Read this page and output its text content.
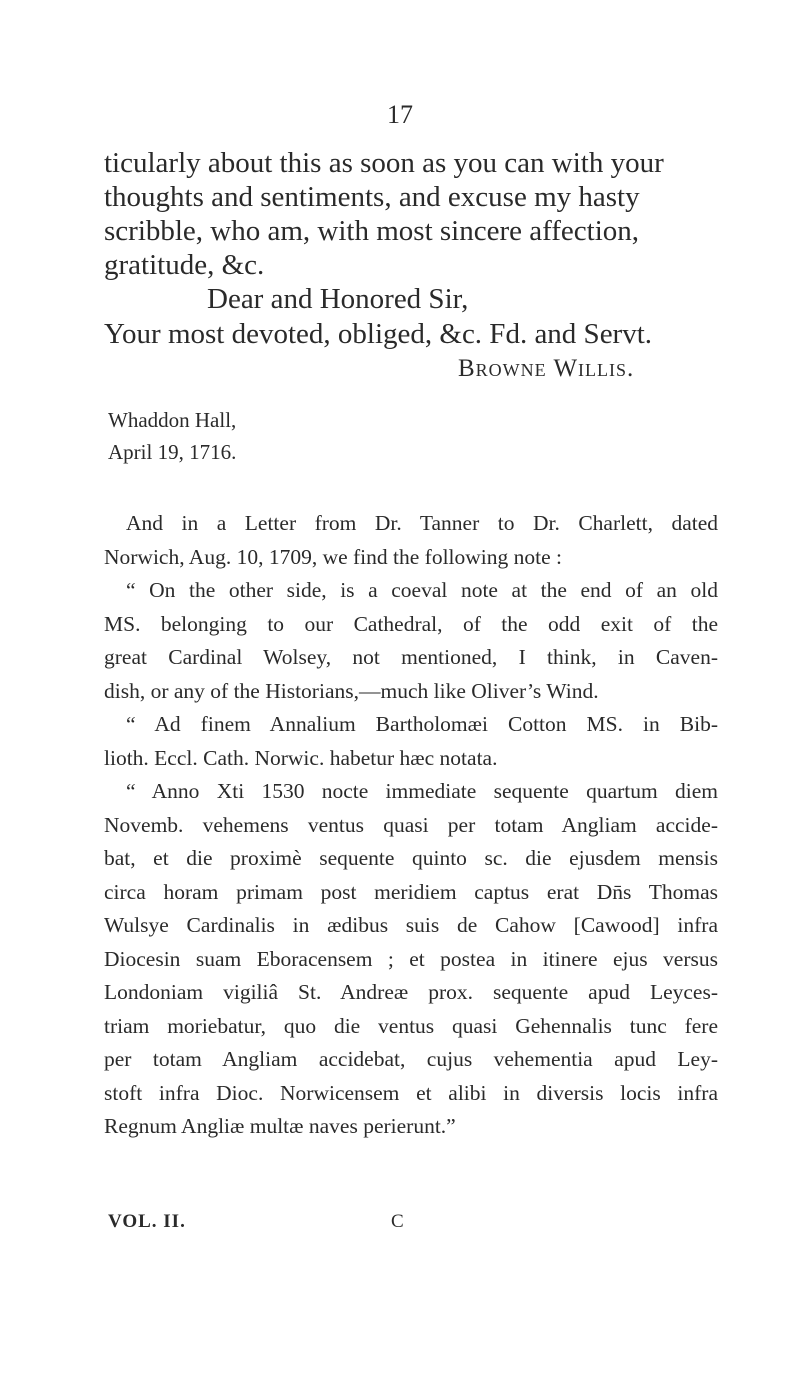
17
ticularly about this as soon as you can with your
thoughts and sentiments, and excuse my hasty
scribble, who am, with most sincere affection,
gratitude, &c.
Dear and Honored Sir,
Your most devoted, obliged, &c. Fd. and Servt.
Browne Willis.
Whaddon Hall,
April 19, 1716.
And in a Letter from Dr. Tanner to Dr. Charlett, dated
Norwich, Aug. 10, 1709, we find the following note :
“ On the other side, is a coeval note at the end of an old
MS. belonging to our Cathedral, of the odd exit of the
great Cardinal Wolsey, not mentioned, I think, in Caven-
dish, or any of the Historians,—much like Oliver’s Wind.
“ Ad finem Annalium Bartholomæi Cotton MS. in Bib-
lioth. Eccl. Cath. Norwic. habetur hæc notata.
“ Anno Xti 1530 nocte immediate sequente quartum diem
Novemb. vehemens ventus quasi per totam Angliam accide-
bat, et die proximè sequente quinto sc. die ejusdem mensis
circa horam primam post meridiem captus erat Dn̄s Thomas
Wulsye Cardinalis in ædibus suis de Cahow [Cawood] infra
Diocesin suam Eboracensem ; et postea in itinere ejus versus
Londoniam vigiliâ St. Andreæ prox. sequente apud Leyces-
triam moriebatur, quo die ventus quasi Gehennalis tunc fere
per totam Angliam accidebat, cujus vehementia apud Ley-
stoft infra Dioc. Norwicensem et alibi in diversis locis infra
Regnum Angliæ multæ naves perierunt.”
VOL. II.	C
